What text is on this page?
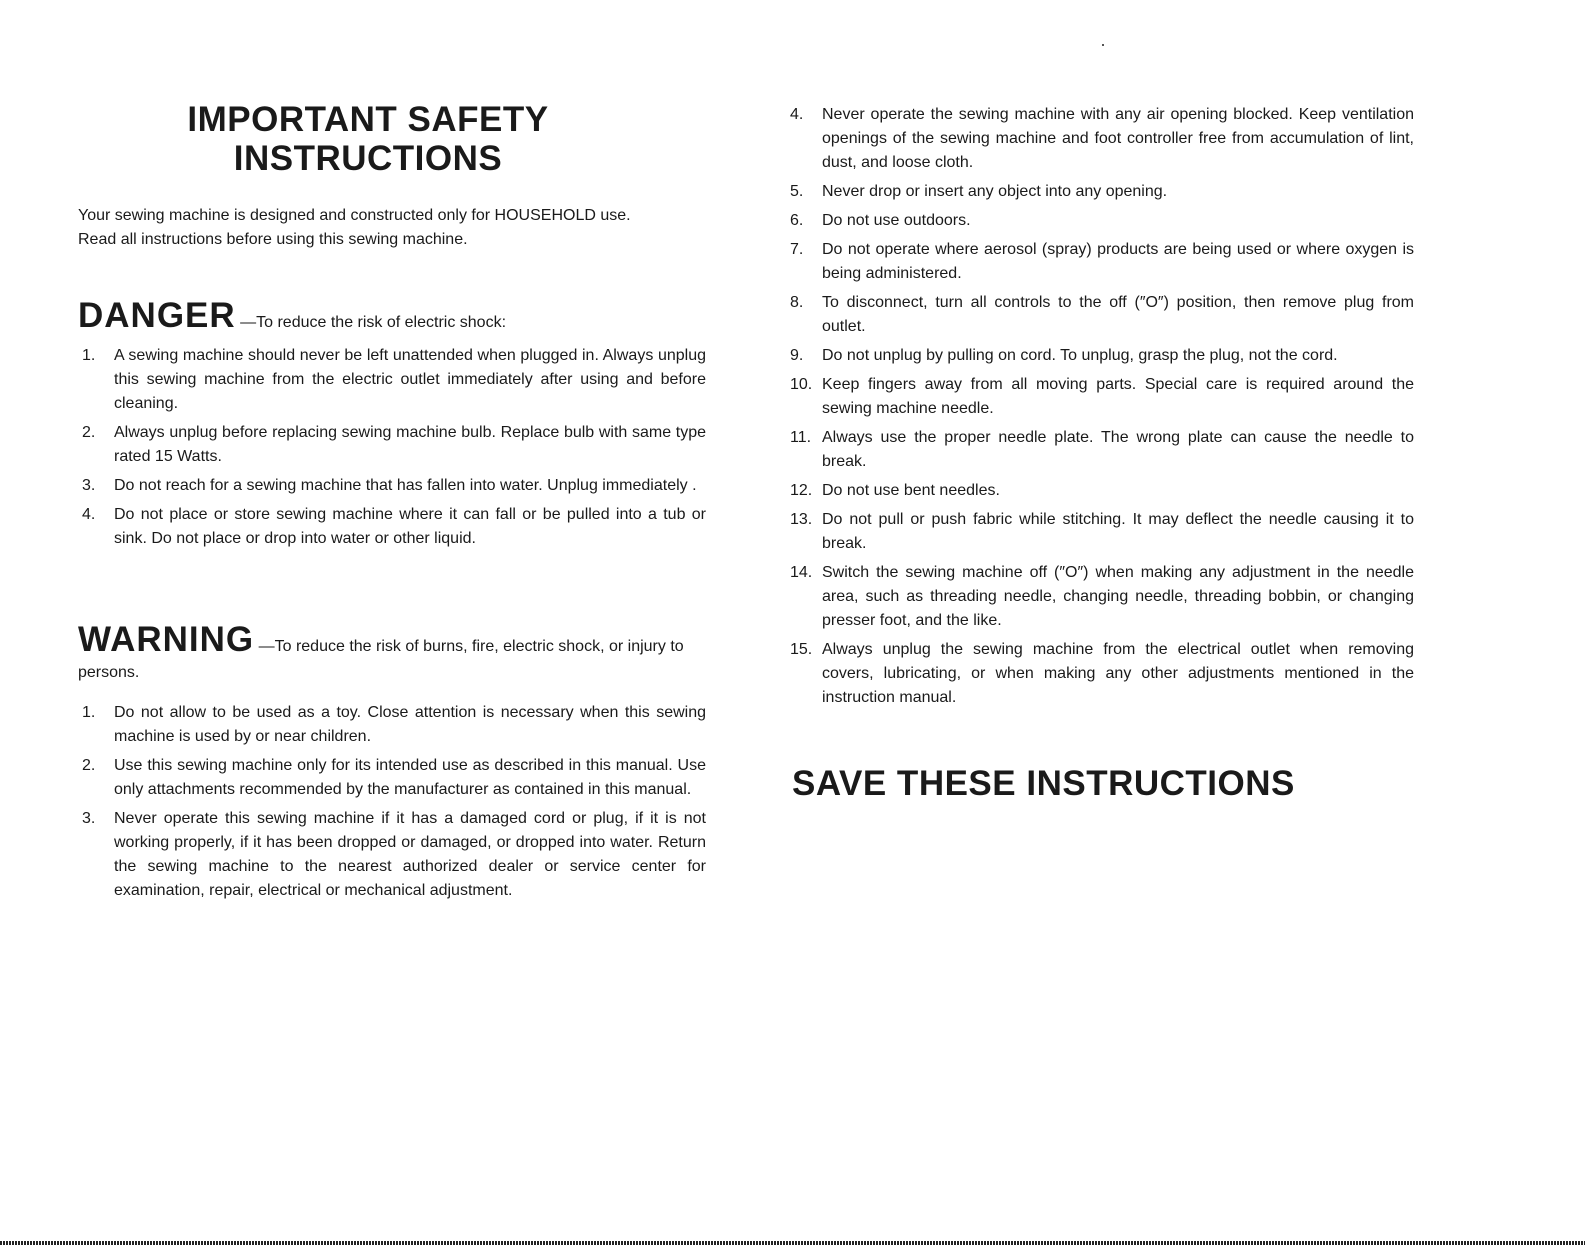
IMPORTANT SAFETY
INSTRUCTIONS
Your sewing machine is designed and constructed only for HOUSEHOLD use.
Read all instructions before using this sewing machine.
DANGER —To reduce the risk of electric shock:
1. A sewing machine should never be left unattended when plugged in. Always unplug this sewing machine from the electric outlet immediately after using and before cleaning.
2. Always unplug before replacing sewing machine bulb. Replace bulb with same type rated 15 Watts.
3. Do not reach for a sewing machine that has fallen into water. Unplug immediately .
4. Do not place or store sewing machine where it can fall or be pulled into a tub or sink. Do not place or drop into water or other liquid.
WARNING —To reduce the risk of burns, fire, electric shock, or injury to persons.
1. Do not allow to be used as a toy. Close attention is necessary when this sewing machine is used by or near children.
2. Use this sewing machine only for its intended use as described in this manual. Use only attachments recommended by the manufacturer as contained in this manual.
3. Never operate this sewing machine if it has a damaged cord or plug, if it is not working properly, if it has been dropped or damaged, or dropped into water. Return the sewing machine to the nearest authorized dealer or service center for examination, repair, electrical or mechanical adjustment.
4. Never operate the sewing machine with any air opening blocked. Keep ventilation openings of the sewing machine and foot controller free from accumulation of lint, dust, and loose cloth.
5. Never drop or insert any object into any opening.
6. Do not use outdoors.
7. Do not operate where aerosol (spray) products are being used or where oxygen is being administered.
8. To disconnect, turn all controls to the off (″O″) position, then remove plug from outlet.
9. Do not unplug by pulling on cord. To unplug, grasp the plug, not the cord.
10. Keep fingers away from all moving parts. Special care is required around the sewing machine needle.
11. Always use the proper needle plate. The wrong plate can cause the needle to break.
12. Do not use bent needles.
13. Do not pull or push fabric while stitching. It may deflect the needle causing it to break.
14. Switch the sewing machine off (″O″) when making any adjustment in the needle area, such as threading needle, changing needle, threading bobbin, or changing presser foot, and the like.
15. Always unplug the sewing machine from the electrical outlet when removing covers, lubricating, or when making any other adjustments mentioned in the instruction manual.
SAVE THESE INSTRUCTIONS
